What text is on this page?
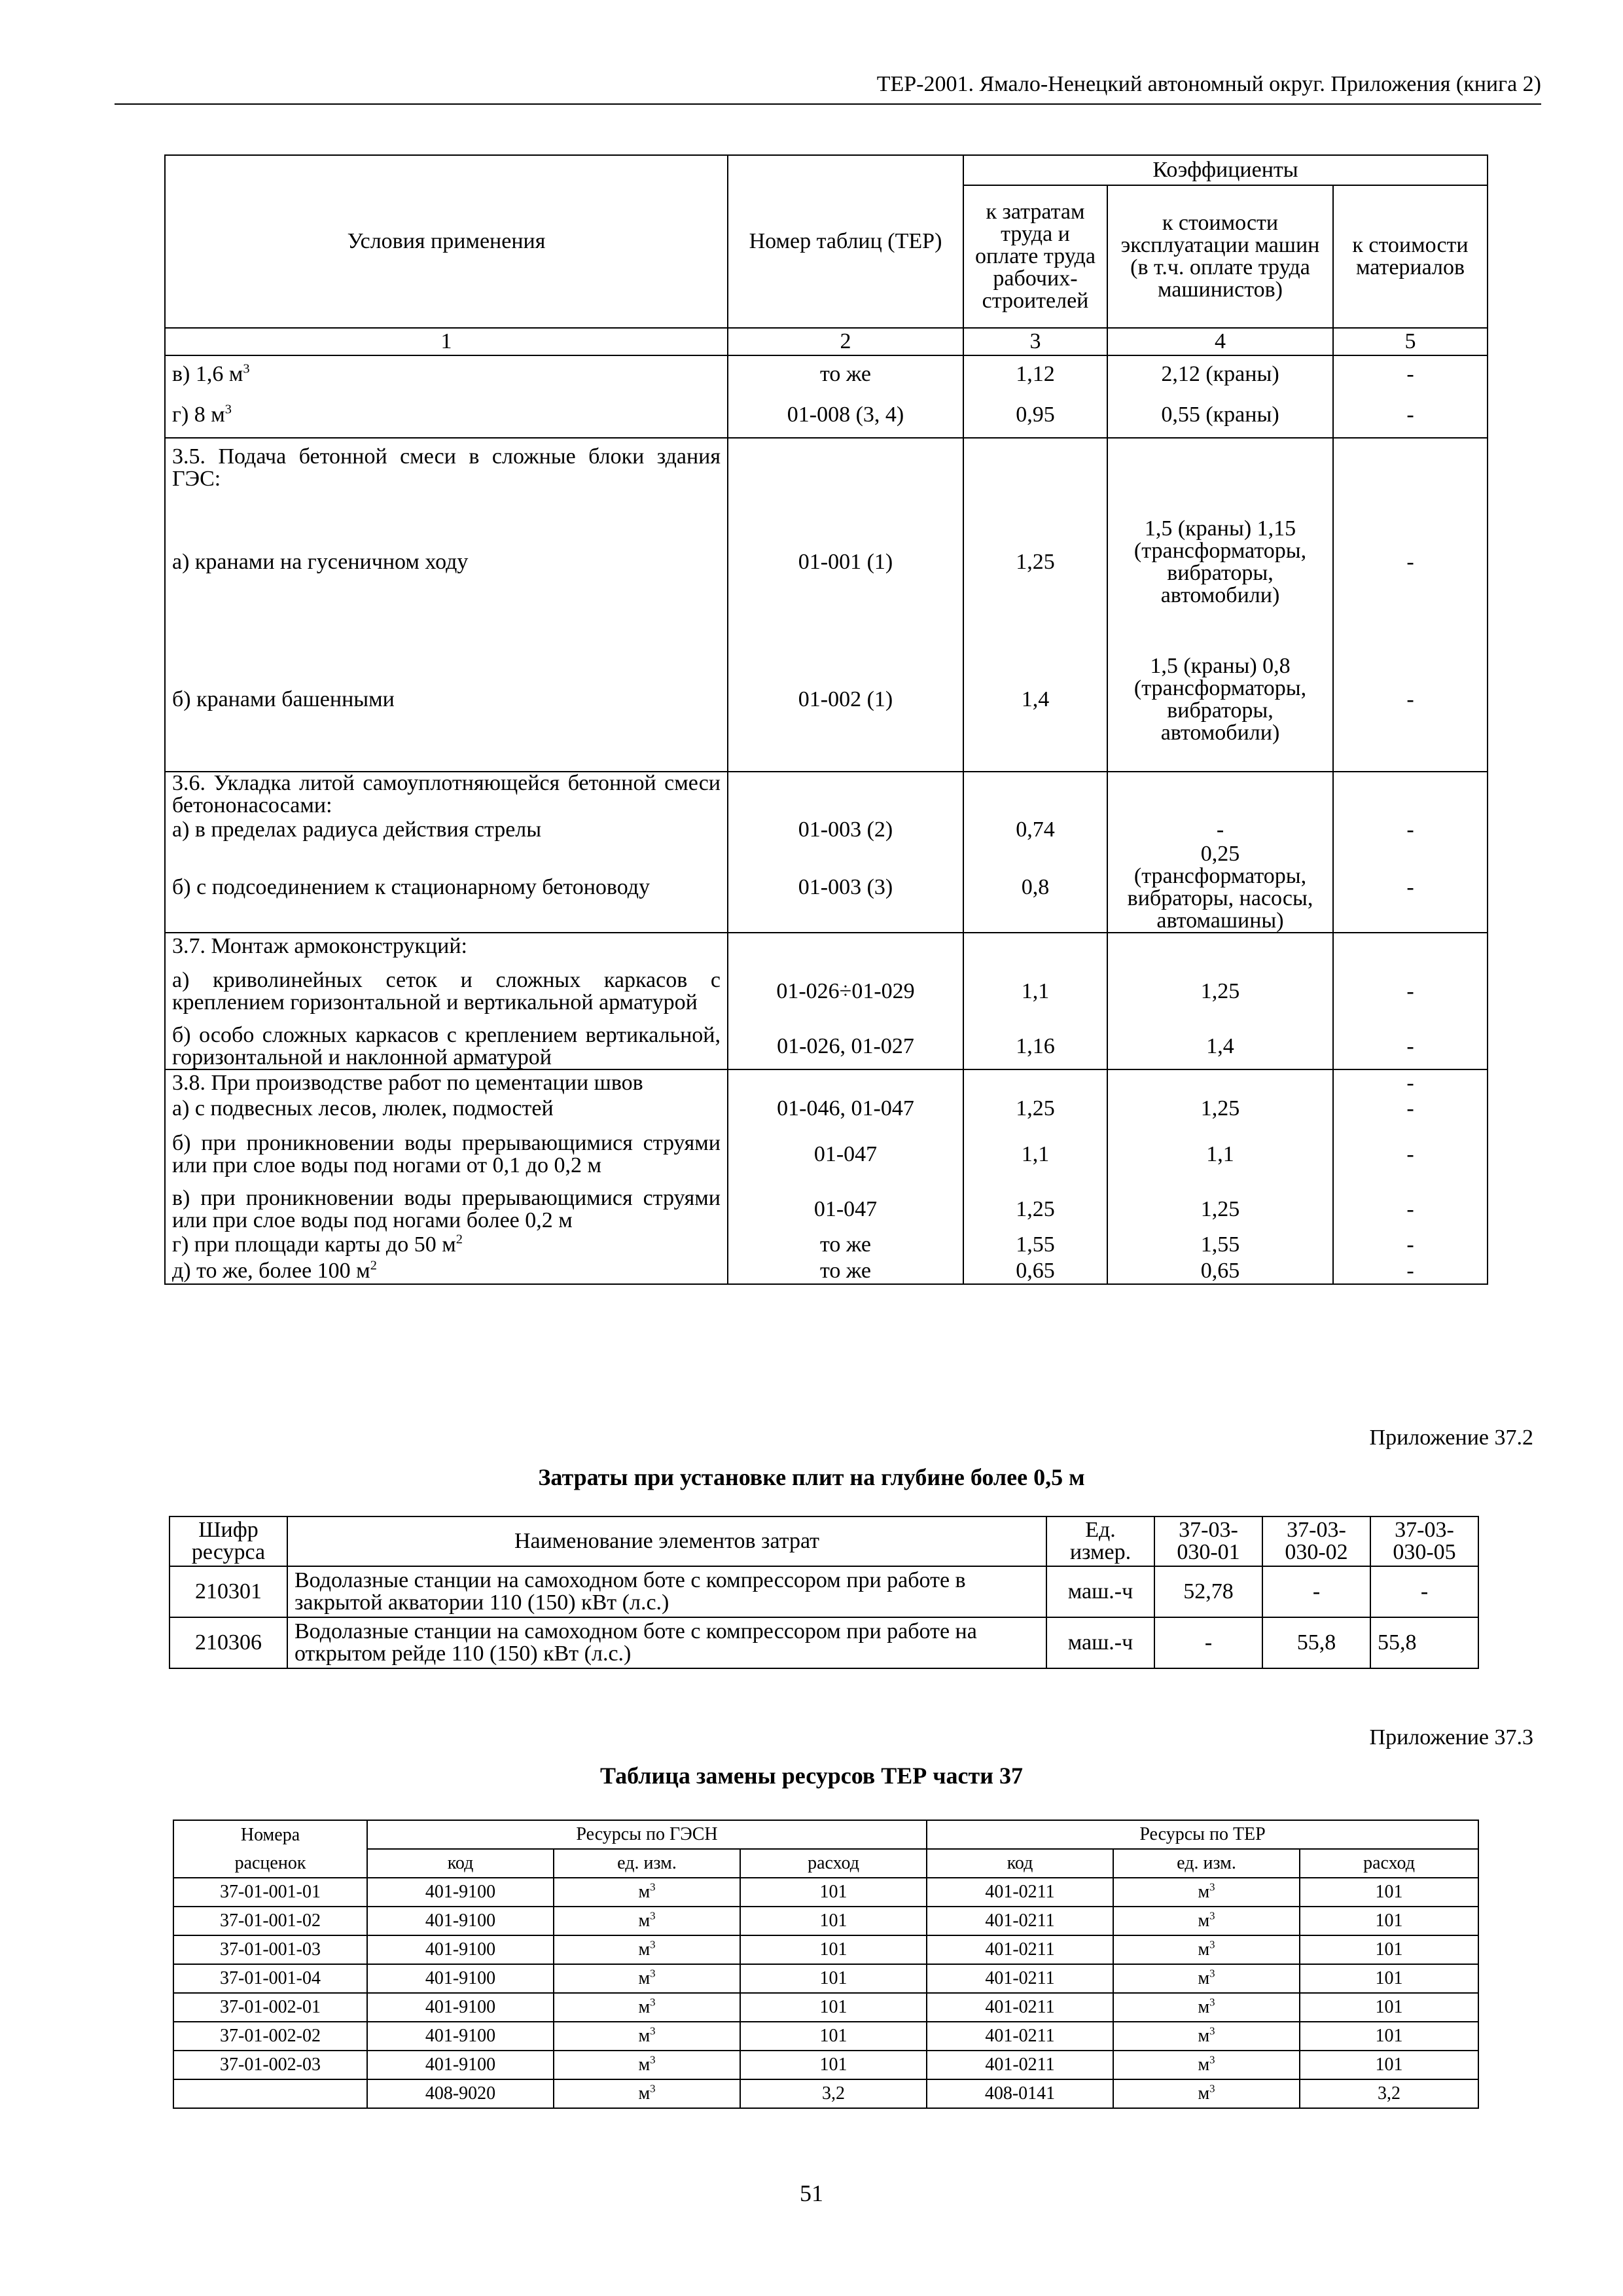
ТЕР-2001. Ямало-Ненецкий автономный округ. Приложения (книга 2)
Условия применения	Номер таблиц (ТЕР)	Коэффициенты		
		к затратам труда и оплате труда рабочих-строителей	к стоимости эксплуатации машин (в т.ч. оплате труда машинистов)	к стоимости материалов
1	2	3	4	5
в) 1,6 $м^3$	то же	1,12	2,12 (краны)	-
г) 8 $м^3$	01-008 (3, 4)	0,95	0,55 (краны)	-
3.5. Подача бетонной смеси в сложные блоки здания ГЭС:				
а) кранами на гусеничном ходу	01-001 (1)	1,25	1,5 (краны) 1,15 (трансформаторы, вибраторы, автомобили)	-
б) кранами башенными	01-002 (1)	1,4	1,5 (краны) 0,8 (трансформаторы, вибраторы, автомобили)	-
3.6. Укладка литой самоуплотняющейся бетонной смеси бетононасосами:				
а) в пределах радиуса действия стрелы	01-003 (2)	0,74	-	-
б) с подсоединением к стационарному бетоноводу	01-003 (3)	0,8	0,25 (трансформаторы, вибраторы, насосы, автомашины)	-
3.7. Монтаж армоконструкций:				
а) криволинейных сеток и сложных каркасов с креплением горизонтальной и вертикальной арматурой	01-026÷01-029	1,1	1,25	-
б) особо сложных каркасов с креплением вертикальной, горизонтальной и наклонной арматурой	01-026, 01-027	1,16	1,4	-
3.8. При производстве работ по цементации швов				-
а) с подвесных лесов, люлек, подмостей	01-046, 01-047	1,25	1,25	-
б) при проникновении воды прерывающимися струями или при слое воды под ногами от 0,1 до 0,2 м	01-047	1,1	1,1	-
в) при проникновении воды прерывающимися струями или при слое воды под ногами более 0,2 м	01-047	1,25	1,25	-
г) при площади карты до 50 $м^2$	то же	1,55	1,55	-
д) то же, более 100 $м^2$	то же	0,65	0,65	-
Приложение 37.2
Затраты при установке плит на глубине более 0,5 м
Шифр ресурса	Наименование элементов затрат	Ед. измер.	37-03-030-01	37-03-030-02	37-03-030-05
210301	Водолазные станции на самоходном боте с компрессором при работе в закрытой акватории 110 (150) кВт (л.с.)	маш.-ч	52,78	-	-
210306	Водолазные станции на самоходном боте с компрессором при работе на открытом рейде 110 (150) кВт (л.с.)	маш.-ч	-	55,8	55,8
Приложение 37.3
Таблица замены ресурсов ТЕР части 37
Номера	Ресурсы по ГЭСН			Ресурсы по ТЕР		
расценок	код	ед. изм.	расход	код	ед. изм.	расход
37-01-001-01	401-9100	$м^3$	101	401-0211	$м^3$	101
37-01-001-02	401-9100	$м^3$	101	401-0211	$м^3$	101
37-01-001-03	401-9100	$м^3$	101	401-0211	$м^3$	101
37-01-001-04	401-9100	$м^3$	101	401-0211	$м^3$	101
37-01-002-01	401-9100	$м^3$	101	401-0211	$м^3$	101
37-01-002-02	401-9100	$м^3$	101	401-0211	$м^3$	101
37-01-002-03	401-9100	$м^3$	101	401-0211	$м^3$	101
	408-9020	$м^3$	3,2	408-0141	$м^3$	3,2
51
